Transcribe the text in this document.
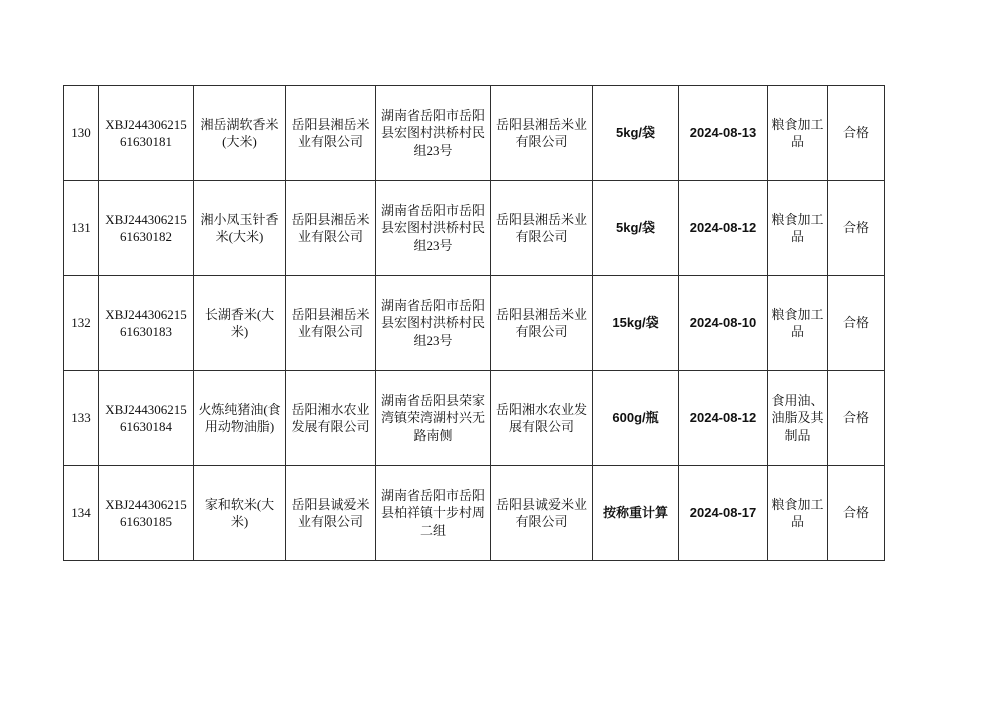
130	XBJ24430621561630181	湘岳湖软香米(大米)	岳阳县湘岳米业有限公司	湖南省岳阳市岳阳县宏图村洪桥村民组23号	岳阳县湘岳米业有限公司	5kg/袋	2024-08-13	粮食加工品	合格
131	XBJ24430621561630182	湘小凤玉针香米(大米)	岳阳县湘岳米业有限公司	湖南省岳阳市岳阳县宏图村洪桥村民组23号	岳阳县湘岳米业有限公司	5kg/袋	2024-08-12	粮食加工品	合格
132	XBJ24430621561630183	长湖香米(大米)	岳阳县湘岳米业有限公司	湖南省岳阳市岳阳县宏图村洪桥村民组23号	岳阳县湘岳米业有限公司	15kg/袋	2024-08-10	粮食加工品	合格
133	XBJ24430621561630184	火炼纯猪油(食用动物油脂)	岳阳湘水农业发展有限公司	湖南省岳阳县荣家湾镇荣湾湖村兴无路南侧	岳阳湘水农业发展有限公司	600g/瓶	2024-08-12	食用油、油脂及其制品	合格
134	XBJ24430621561630185	家和软米(大米)	岳阳县诚爱米业有限公司	湖南省岳阳市岳阳县柏祥镇十步村周二组	岳阳县诚爱米业有限公司	按称重计算	2024-08-17	粮食加工品	合格
